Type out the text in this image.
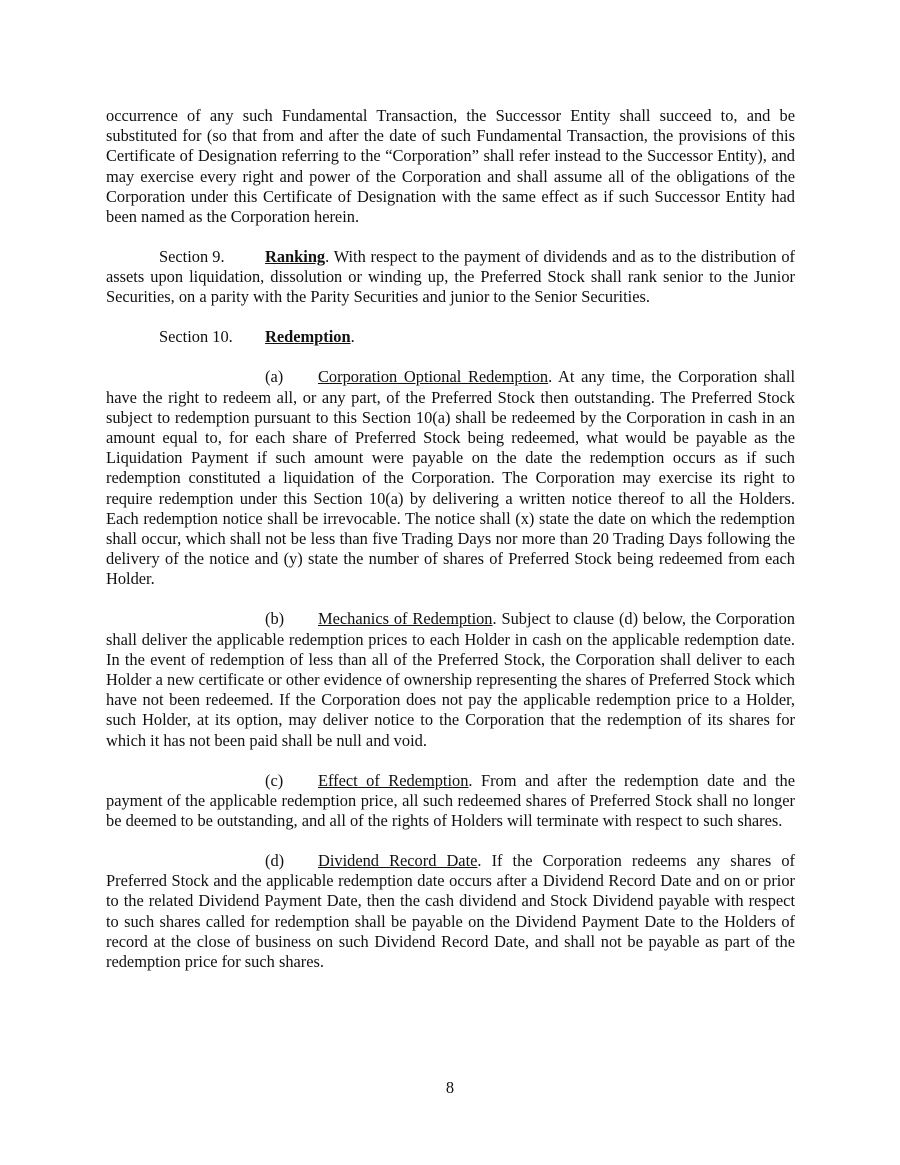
occurrence of any such Fundamental Transaction, the Successor Entity shall succeed to, and be substituted for (so that from and after the date of such Fundamental Transaction, the provisions of this Certificate of Designation referring to the “Corporation” shall refer instead to the Successor Entity), and may exercise every right and power of the Corporation and shall assume all of the obligations of the Corporation under this Certificate of Designation with the same effect as if such Successor Entity had been named as the Corporation herein.

Section 9. Ranking. With respect to the payment of dividends and as to the distribution of assets upon liquidation, dissolution or winding up, the Preferred Stock shall rank senior to the Junior Securities, on a parity with the Parity Securities and junior to the Senior Securities.

Section 10. Redemption.

(a) Corporation Optional Redemption. At any time, the Corporation shall have the right to redeem all, or any part, of the Preferred Stock then outstanding. The Preferred Stock subject to redemption pursuant to this Section 10(a) shall be redeemed by the Corporation in cash in an amount equal to, for each share of Preferred Stock being redeemed, what would be payable as the Liquidation Payment if such amount were payable on the date the redemption occurs as if such redemption constituted a liquidation of the Corporation. The Corporation may exercise its right to require redemption under this Section 10(a) by delivering a written notice thereof to all the Holders. Each redemption notice shall be irrevocable. The notice shall (x) state the date on which the redemption shall occur, which shall not be less than five Trading Days nor more than 20 Trading Days following the delivery of the notice and (y) state the number of shares of Preferred Stock being redeemed from each Holder.

(b) Mechanics of Redemption. Subject to clause (d) below, the Corporation shall deliver the applicable redemption prices to each Holder in cash on the applicable redemption date. In the event of redemption of less than all of the Preferred Stock, the Corporation shall deliver to each Holder a new certificate or other evidence of ownership representing the shares of Preferred Stock which have not been redeemed. If the Corporation does not pay the applicable redemption price to a Holder, such Holder, at its option, may deliver notice to the Corporation that the redemption of its shares for which it has not been paid shall be null and void.

(c) Effect of Redemption. From and after the redemption date and the payment of the applicable redemption price, all such redeemed shares of Preferred Stock shall no longer be deemed to be outstanding, and all of the rights of Holders will terminate with respect to such shares.

(d) Dividend Record Date. If the Corporation redeems any shares of Preferred Stock and the applicable redemption date occurs after a Dividend Record Date and on or prior to the related Dividend Payment Date, then the cash dividend and Stock Dividend payable with respect to such shares called for redemption shall be payable on the Dividend Payment Date to the Holders of record at the close of business on such Dividend Record Date, and shall not be payable as part of the redemption price for such shares.

8
